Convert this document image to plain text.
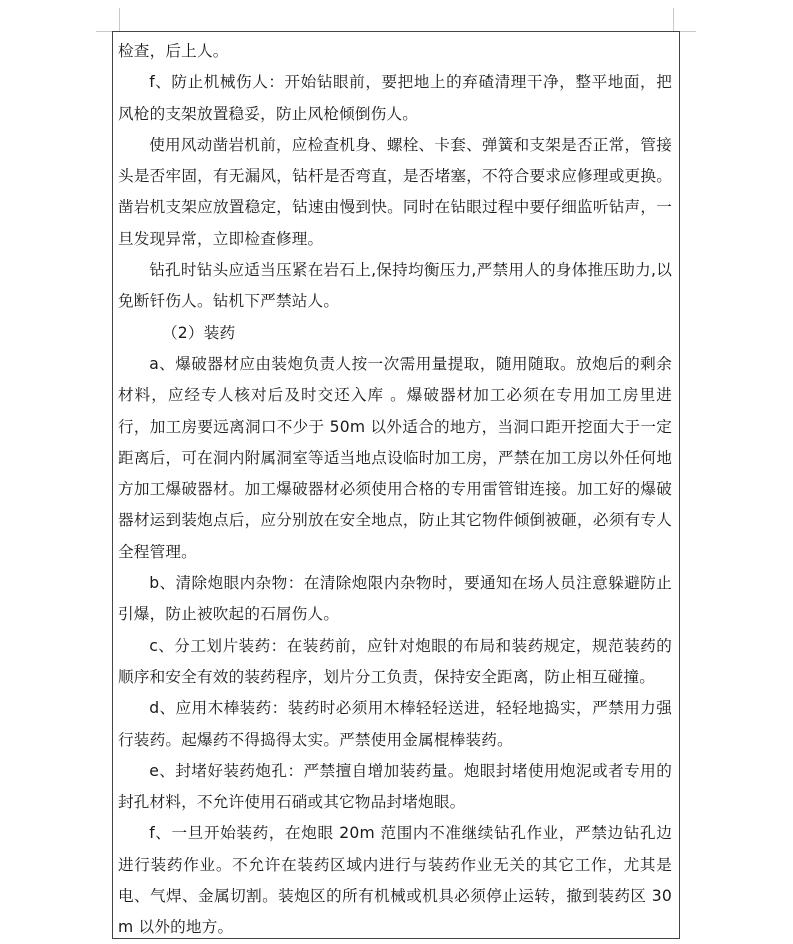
检查，后上人。

f、防止机械伤人：开始钻眼前，要把地上的弃碴清理干净，整平地面，把风枪的支架放置稳妥，防止风枪倾倒伤人。

使用风动凿岩机前，应检查机身、螺栓、卡套、弹簧和支架是否正常，管接头是否牢固，有无漏风，钻杆是否弯直，是否堵塞，不符合要求应修理或更换。凿岩机支架应放置稳定，钻速由慢到快。同时在钻眼过程中要仔细监听钻声，一旦发现异常，立即检查修理。

钻孔时钻头应适当压紧在岩石上,保持均衡压力,严禁用人的身体推压助力,以免断钎伤人。钻机下严禁站人。

（2）装药

a、爆破器材应由装炮负责人按一次需用量提取，随用随取。放炮后的剩余材料，应经专人核对后及时交还入库 。爆破器材加工必须在专用加工房里进行，加工房要远离洞口不少于 50m 以外适合的地方，当洞口距开挖面大于一定距离后，可在洞内附属洞室等适当地点设临时加工房，严禁在加工房以外任何地方加工爆破器材。加工爆破器材必须使用合格的专用雷管钳连接。加工好的爆破器材运到装炮点后，应分别放在安全地点，防止其它物件倾倒被砸，必须有专人全程管理。

b、清除炮眼内杂物：在清除炮限内杂物时，要通知在场人员注意躲避防止引爆，防止被吹起的石屑伤人。

c、分工划片装药：在装药前，应针对炮眼的布局和装药规定，规范装药的顺序和安全有效的装药程序，划片分工负责，保持安全距离，防止相互碰撞。

d、应用木棒装药：装药时必须用木棒轻轻送进，轻轻地捣实，严禁用力强行装药。起爆药不得捣得太实。严禁使用金属棍棒装药。

e、封堵好装药炮孔：严禁擅自增加装药量。炮眼封堵使用炮泥或者专用的封孔材料，不允许使用石硝或其它物品封堵炮眼。

f、一旦开始装药，在炮眼 20m 范围内不准继续钻孔作业，严禁边钻孔边进行装药作业。不允许在装药区域内进行与装药作业无关的其它工作，尤其是电、气焊、金属切割。装炮区的所有机械或机具必须停止运转，撤到装药区 30m 以外的地方。
